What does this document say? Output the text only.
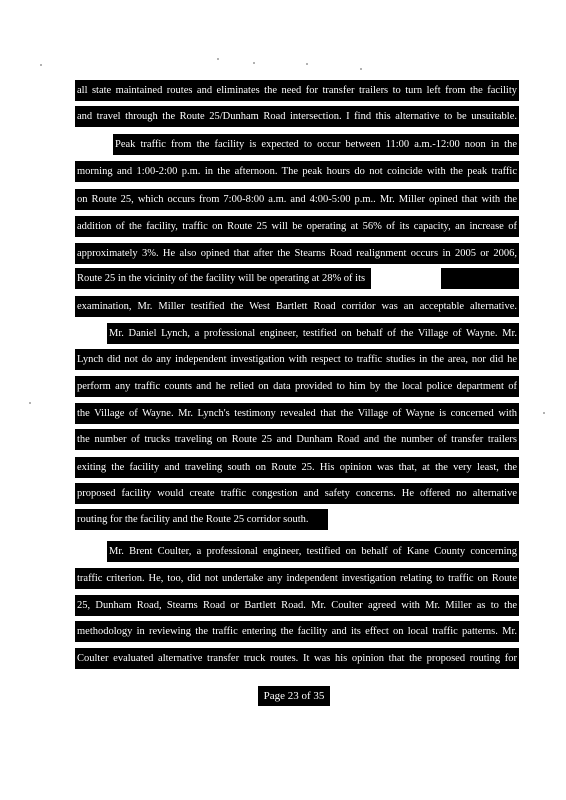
all state maintained routes and eliminates the need for transfer trailers to turn left from the facility
and travel through the Route 25/Dunham Road intersection. I find this alternative to be unsuitable.
Peak traffic from the facility is expected to occur between 11:00 a.m.-12:00 noon in the
morning and 1:00-2:00 p.m. in the afternoon. The peak hours do not coincide with the peak traffic
on Route 25, which occurs from 7:00-8:00 a.m. and 4:00-5:00 p.m.. Mr. Miller opined that with the
addition of the facility, traffic on Route 25 will be operating at 56% of its capacity, an increase of
approximately 3%. He also opined that after the Stearns Road realignment occurs in 2005 or 2006,
Route 25 in the vicinity of the facility will be operating at 28% of its
examination, Mr. Miller testified the West Bartlett Road corridor was an acceptable alternative.
Mr. Daniel Lynch, a professional engineer, testified on behalf of the Village of Wayne. Mr.
Lynch did not do any independent investigation with respect to traffic studies in the area, nor did he
perform any traffic counts and he relied on data provided to him by the local police department of
the Village of Wayne. Mr. Lynch's testimony revealed that the Village of Wayne is concerned with
the number of trucks traveling on Route 25 and Dunham Road and the number of transfer trailers
exiting the facility and traveling south on Route 25. His opinion was that, at the very least, the
proposed facility would create traffic congestion and safety concerns. He offered no alternative
routing for the facility and the Route 25 corridor south.
Mr. Brent Coulter, a professional engineer, testified on behalf of Kane County concerning
traffic criterion. He, too, did not undertake any independent investigation relating to traffic on Route
25, Dunham Road, Stearns Road or Bartlett Road. Mr. Coulter agreed with Mr. Miller as to the
methodology in reviewing the traffic entering the facility and its effect on local traffic patterns. Mr.
Coulter evaluated alternative transfer truck routes. It was his opinion that the proposed routing for
Page 23 of 35
